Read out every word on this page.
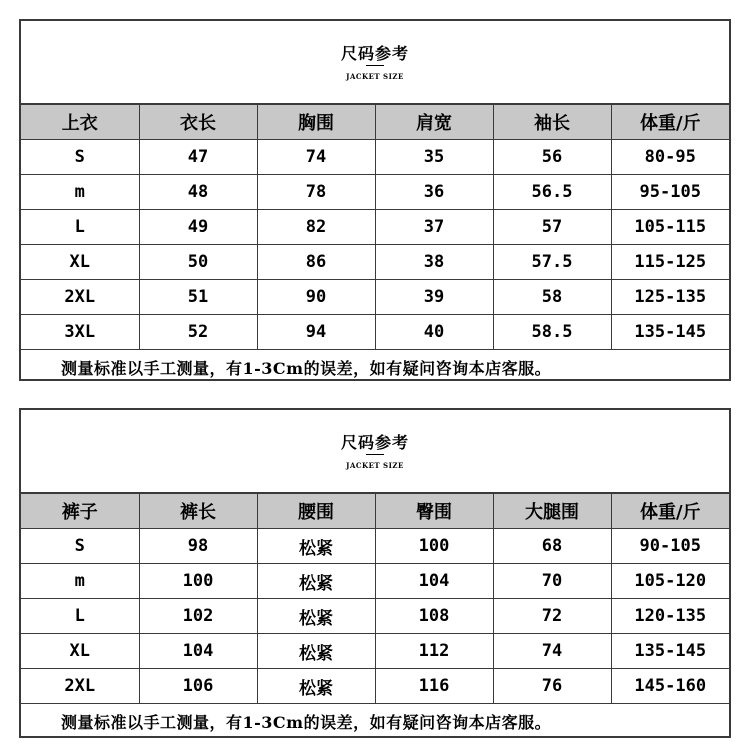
尺码参考
JACKET SIZE
上衣	衣长	胸围	肩宽	袖长	体重/斤
S	47	74	35	56	80-95
m	48	78	36	56.5	95-105
L	49	82	37	57	105-115
XL	50	86	38	57.5	115-125
2XL	51	90	39	58	125-135
3XL	52	94	40	58.5	135-145
测量标准以手工测量，有1-3Cm的误差，如有疑问咨询本店客服。					
尺码参考
JACKET SIZE
裤子	裤长	腰围	臀围	大腿围	体重/斤
S	98	松紧	100	68	90-105
m	100	松紧	104	70	105-120
L	102	松紧	108	72	120-135
XL	104	松紧	112	74	135-145
2XL	106	松紧	116	76	145-160
测量标准以手工测量，有1-3Cm的误差，如有疑问咨询本店客服。					
